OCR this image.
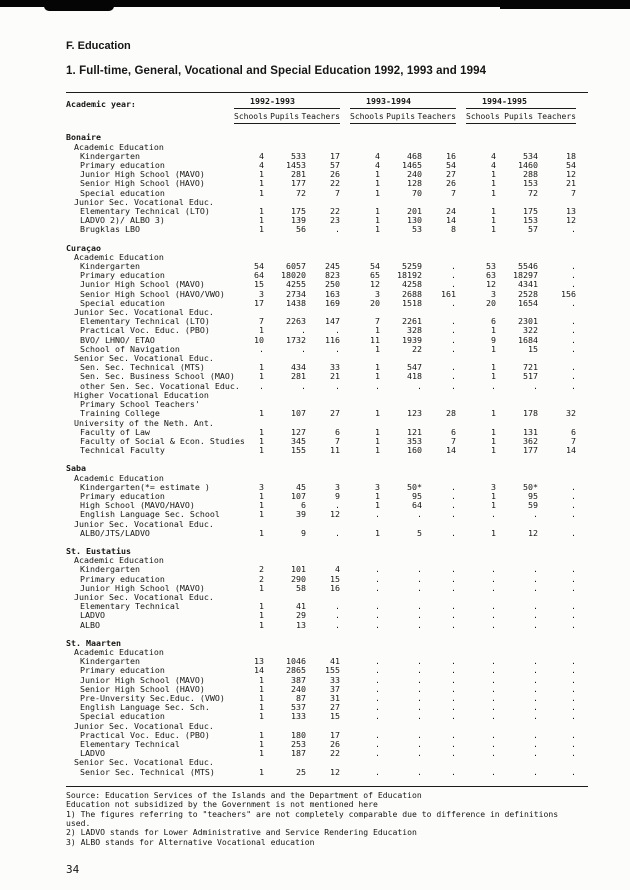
F. Education
1. Full-time, General, Vocational and Special Education 1992, 1993 and 1994
Academic year:	1992-1993	1993-1994	1994-1995
Schools Pupils Teachers Schools Pupils Teachers Schools Pupils Teachers
Bonaire
Academic Education
Kindergarten	4	533	17	4	468	16	4	534	18
Primary education	4	1453	57	4	1465	54	4	1460	54
Junior High School (MAVO)	1	281	26	1	240	27	1	288	12
Senior High School (HAVO)	1	177	22	1	128	26	1	153	21
Special education	1	72	7	1	70	7	1	72	7
Junior Sec. Vocational Educ.
Elementary Technical (LTO)	1	175	22	1	201	24	1	175	13
LADVO 2)/ ALBO 3)	1	139	23	1	130	14	1	153	12
Brugklas LBO	1	56	.	1	53	8	1	57	.
Curaçao
Academic Education
Kindergarten	54	6057	245	54	5259	.	53	5546	.
Primary education	64	18020	823	65	18192	.	63	18297	.
Junior High School (MAVO)	15	4255	250	12	4258	.	12	4341	.
Senior High School (HAVO/VWO)	3	2734	163	3	2688	161	3	2528	156
Special education	17	1438	169	20	1518	.	20	1654	.
Junior Sec. Vocational Educ.
Elementary Technical (LTO)	7	2263	147	7	2261	.	6	2301	.
Practical Voc. Educ. (PBO)	1	.	.	1	328	.	1	322	.
BVO/ LHNO/ ETAO	10	1732	116	11	1939	.	9	1684	.
School of Navigation	.	.	.	1	22	.	1	15	.
Senior Sec. Vocational Educ.
Sen. Sec. Technical (MTS)	1	434	33	1	547	.	1	721	.
Sen. Sec. Business School (MAO)	1	281	21	1	418	.	1	517	.
other Sen. Sec. Vocational Educ.	.	.	.	.	.	.	.	.	.
Higher Vocational Education
Primary School Teachers'
Training College	1	107	27	1	123	28	1	178	32
University of the Neth. Ant.
Faculty of Law	1	127	6	1	121	6	1	131	6
Faculty of Social & Econ. Studies	1	345	7	1	353	7	1	362	7
Technical Faculty	1	155	11	1	160	14	1	177	14
Saba
Academic Education
Kindergarten(*= estimate )	3	45	3	3	50*	.	3	50*	.
Primary education	1	107	9	1	95	.	1	95	.
High School (MAVO/HAVO)	1	6	.	1	64	.	1	59	.
English Language Sec. School	1	39	12	.	.	.	.	.	.
Junior Sec. Vocational Educ.
ALBO/JTS/LADVO	1	9	.	1	5	.	1	12	.
St. Eustatius
Academic Education
Kindergarten	2	101	4	.	.	.	.	.	.
Primary education	2	290	15	.	.	.	.	.	.
Junior High School (MAVO)	1	58	16	.	.	.	.	.	.
Junior Sec. Vocational Educ.
Elementary Technical	1	41	.	.	.	.	.	.	.
LADVO	1	29	.	.	.	.	.	.	.
ALBO	1	13	.	.	.	.	.	.	.
St. Maarten
Academic Education
Kindergarten	13	1046	41	.	.	.	.	.	.
Primary education	14	2865	155	.	.	.	.	.	.
Junior High School (MAVO)	1	387	33	.	.	.	.	.	.
Senior High School (HAVO)	1	240	37	.	.	.	.	.	.
Pre-Unversity Sec.Educ. (VWO)	1	87	31	.	.	.	.	.	.
English Language Sec. Sch.	1	537	27	.	.	.	.	.	.
Special education	1	133	15	.	.	.	.	.	.
Junior Sec. Vocational Educ.
Practical Voc. Educ. (PBO)	1	180	17	.	.	.	.	.	.
Elementary Technical	1	253	26	.	.	.	.	.	.
LADVO	1	187	22	.	.	.	.	.	.
Senior Sec. Vocational Educ.
Senior Sec. Technical (MTS)	1	25	12	.	.	.	.	.	.
Source: Education Services of the Islands and the Department of Education
Education not subsidized by the Government is not mentioned here
1) The figures referring to "teachers" are not completely comparable due to difference in definitions
used.
2) LADVO stands for Lower Administrative and Service Rendering Education
3) ALBO stands for Alternative Vocational education
34
